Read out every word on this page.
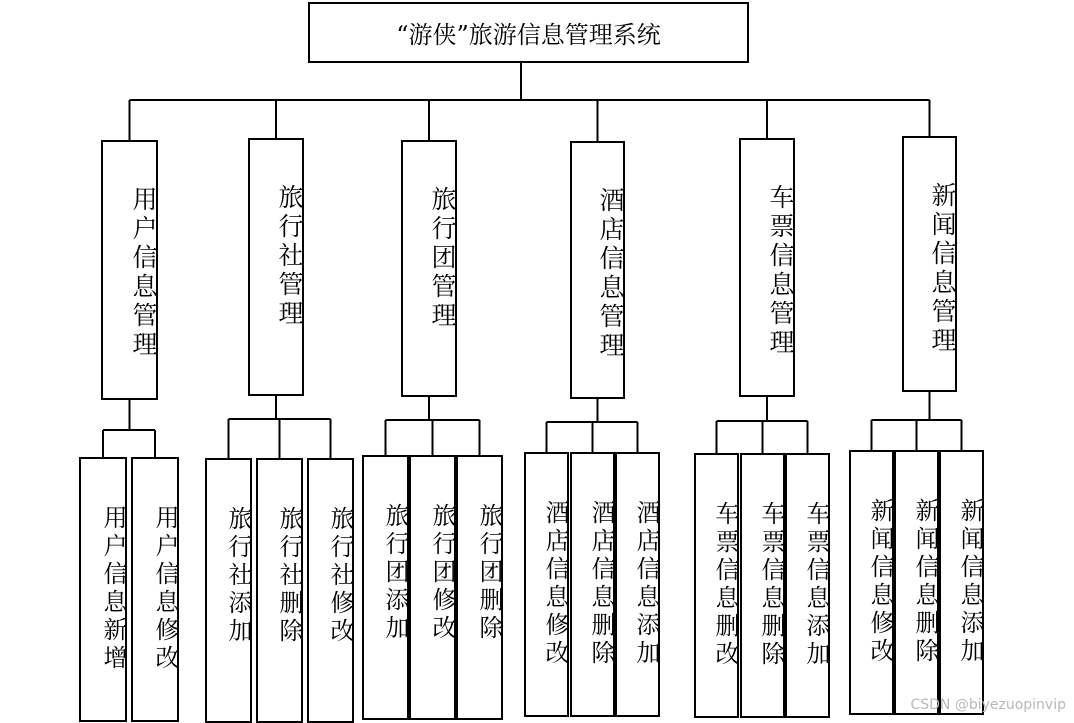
“游侠”旅游信息管理系统
用户信息管理
用户信息新增	用户信息修改
旅行社管理
旅行社添加 旅行社删除 旅行社修改
旅行团管理
旅行团添加 旅行团修改 旅行团删除
酒店信息管理
酒店信息修改 酒店信息删除 酒店信息添加
车票信息管理
车票信息删改 车票信息删除 车票信息添加
新闻信息管理
新闻信息修改 新闻信息删除 新闻信息添加
CSDN @biyezuopinvip
